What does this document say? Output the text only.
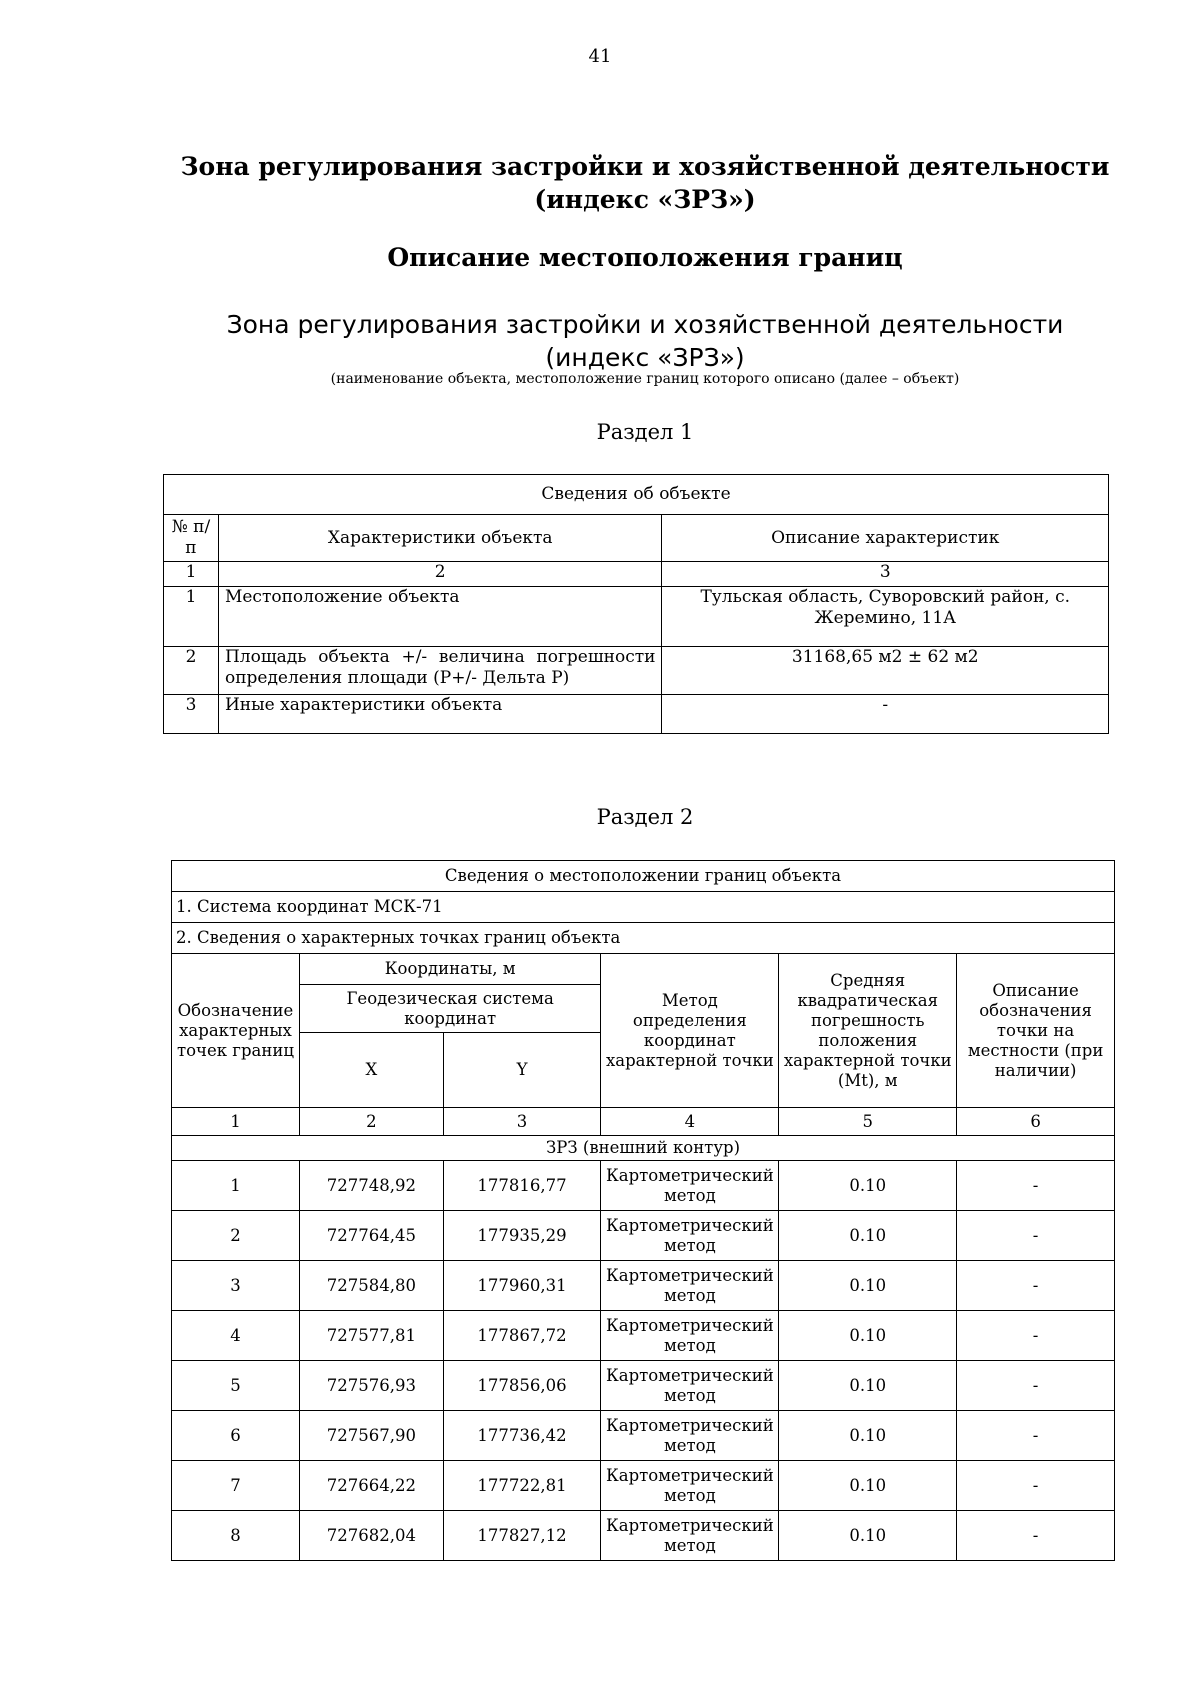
41
Зона регулирования застройки и хозяйственной деятельности
(индекс «ЗРЗ»)
Описание местоположения границ
Зона регулирования застройки и хозяйственной деятельности
(индекс «ЗРЗ»)
(наименование объекта, местоположение границ которого описано (далее – объект)
Раздел 1
Сведения об объекте		
№ п/п	Характеристики объекта	Описание характеристик
1	2	3
1	Местоположение объекта	Тульская область, Суворовский район, с. Жеремино, 11А
2	Площадь объекта +/- величина погрешности определения площади (Р+/- Дельта Р)	31168,65 м2 ± 62 м2
3	Иные характеристики объекта	-
Раздел 2
Сведения о местоположении границ объекта					
1. Система координат МСК-71					
2. Сведения о характерных точках границ объекта					
Обозначение характерных точек границ	Координаты, м		Метод определения координат характерной точки	Средняя квадратическая погрешность положения характерной точки (Mt), м	Описание обозначения точки на местности (при наличии)
	Геодезическая система координат				
	X	Y			
1	2	3	4	5	6
ЗРЗ (внешний контур)					
1	727748,92	177816,77	Картометрический метод	0.10	-
2	727764,45	177935,29	Картометрический метод	0.10	-
3	727584,80	177960,31	Картометрический метод	0.10	-
4	727577,81	177867,72	Картометрический метод	0.10	-
5	727576,93	177856,06	Картометрический метод	0.10	-
6	727567,90	177736,42	Картометрический метод	0.10	-
7	727664,22	177722,81	Картометрический метод	0.10	-
8	727682,04	177827,12	Картометрический метод	0.10	-
